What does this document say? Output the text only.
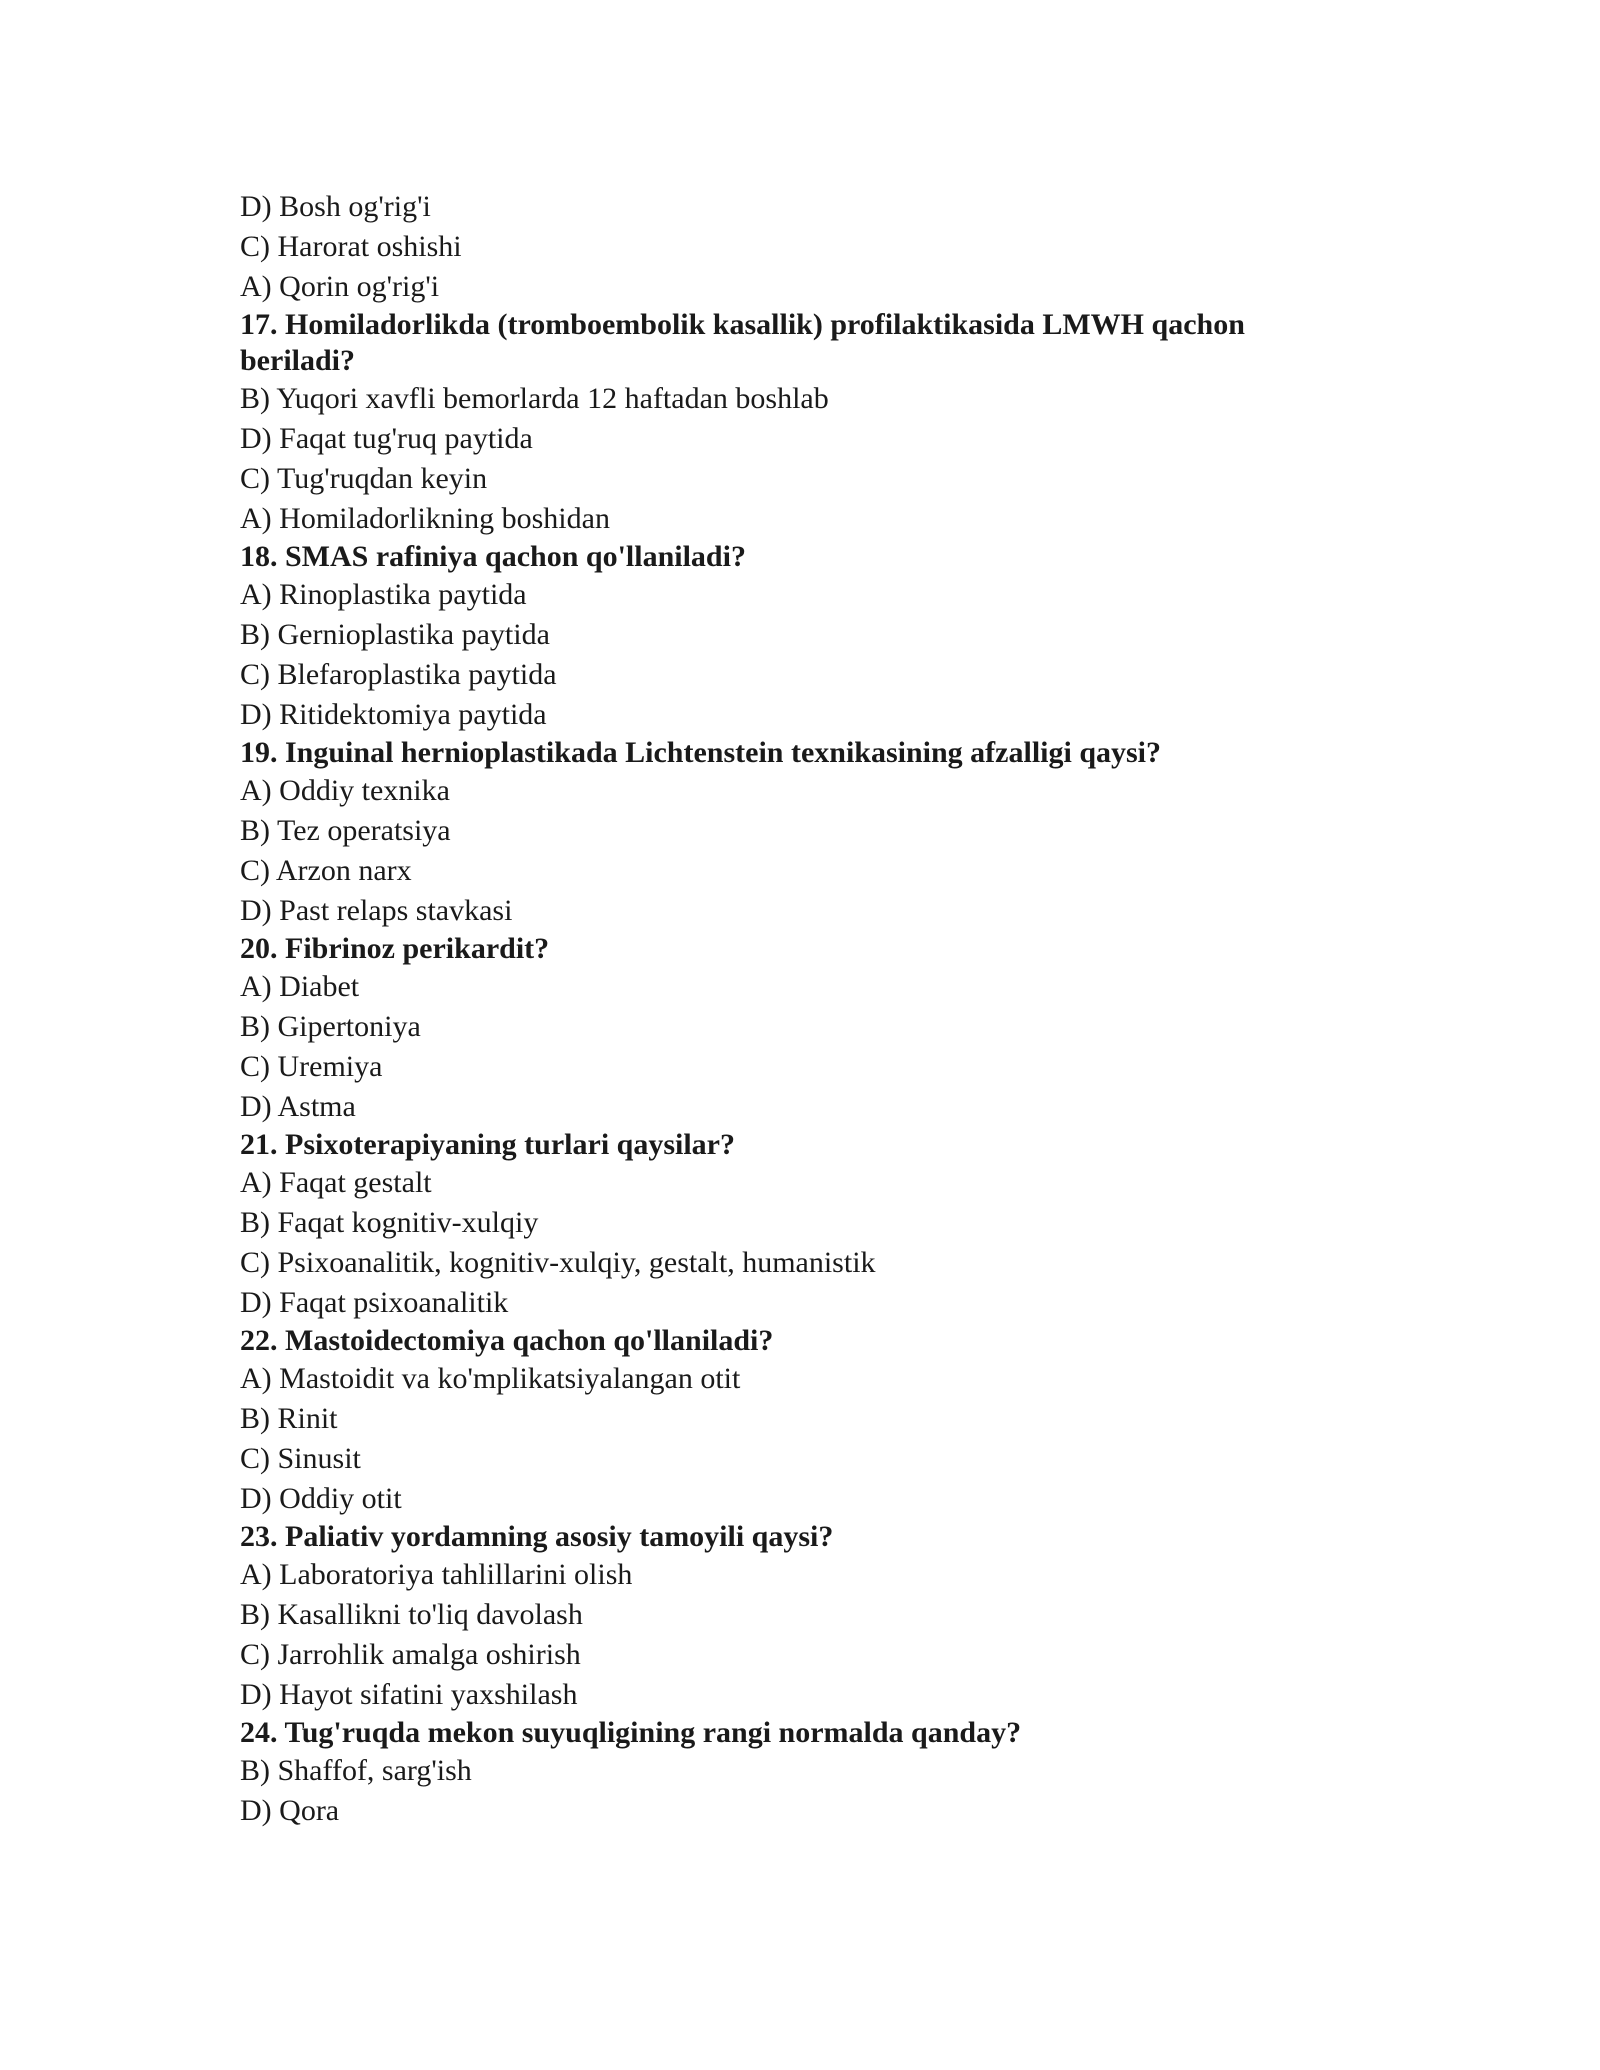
D) Bosh og'rig'i

C) Harorat oshishi

A) Qorin og'rig'i

17. Homiladorlikda (tromboembolik kasallik) profilaktikasida LMWH qachon beriladi?

B) Yuqori xavfli bemorlarda 12 haftadan boshlab

D) Faqat tug'ruq paytida

C) Tug'ruqdan keyin

A) Homiladorlikning boshidan

18. SMAS rafiniya qachon qo'llaniladi?

A) Rinoplastika paytida

B) Gernioplastika paytida

C) Blefaroplastika paytida

D) Ritidektomiya paytida

19. Inguinal hernioplastikada Lichtenstein texnikasining afzalligi qaysi?

A) Oddiy texnika

B) Tez operatsiya

C) Arzon narx

D) Past relaps stavkasi

20. Fibrinoz perikardit?

A) Diabet

B) Gipertoniya

C) Uremiya

D) Astma

21. Psixoterapiyaning turlari qaysilar?

A) Faqat gestalt

B) Faqat kognitiv-xulqiy

C) Psixoanalitik, kognitiv-xulqiy, gestalt, humanistik

D) Faqat psixoanalitik

22. Mastoidectomiya qachon qo'llaniladi?

A) Mastoidit va ko'mplikatsiyalangan otit

B) Rinit

C) Sinusit

D) Oddiy otit

23. Paliativ yordamning asosiy tamoyili qaysi?

A) Laboratoriya tahlillarini olish

B) Kasallikni to'liq davolash

C) Jarrohlik amalga oshirish

D) Hayot sifatini yaxshilash

24. Tug'ruqda mekon suyuqligining rangi normalda qanday?

B) Shaffof, sarg'ish

D) Qora
